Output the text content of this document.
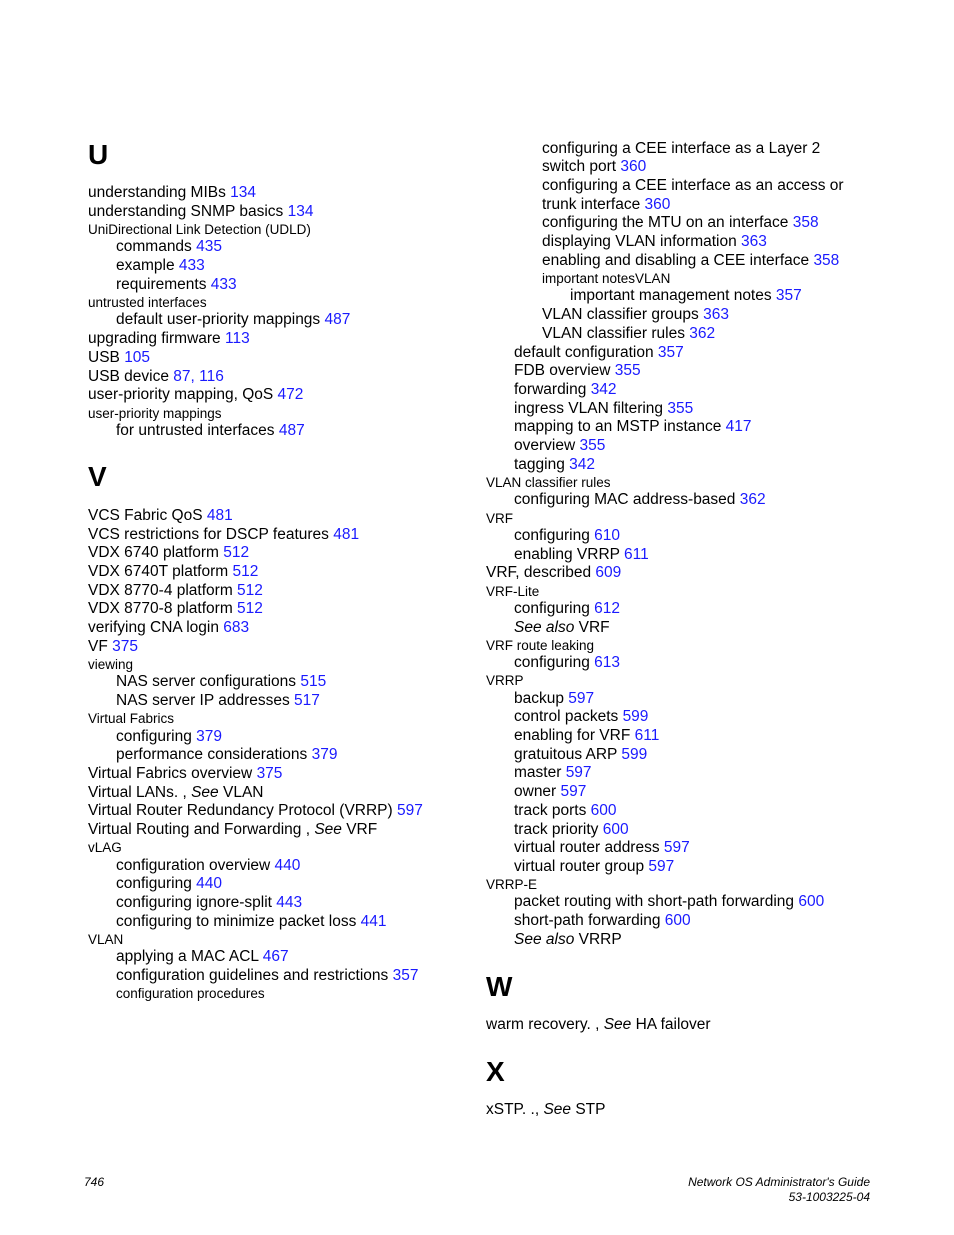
U
understanding MIBs 134
understanding SNMP basics 134
UniDirectional Link Detection (UDLD)
commands 435
example 433
requirements 433
untrusted interfaces
default user-priority mappings 487
upgrading firmware 113
USB 105
USB device 87, 116
user-priority mapping, QoS 472
user-priority mappings
for untrusted interfaces 487
V
VCS Fabric QoS 481
VCS restrictions for DSCP features 481
VDX 6740 platform 512
VDX 6740T platform 512
VDX 8770-4 platform 512
VDX 8770-8 platform 512
verifying CNA login 683
VF 375
viewing
NAS server configurations 515
NAS server IP addresses 517
Virtual Fabrics
configuring 379
performance considerations 379
Virtual Fabrics overview 375
Virtual LANs. , See VLAN
Virtual Router Redundancy Protocol (VRRP) 597
Virtual Routing and Forwarding , See VRF
vLAG
configuration overview 440
configuring 440
configuring ignore-split 443
configuring to minimize packet loss 441
VLAN
applying a MAC ACL 467
configuration guidelines and restrictions 357
configuration procedures
configuring a CEE interface as a Layer 2
switch port 360
configuring a CEE interface as an access or
trunk interface 360
configuring the MTU on an interface 358
displaying VLAN information 363
enabling and disabling a CEE interface 358
important notesVLAN
important management notes 357
VLAN classifier groups 363
VLAN classifier rules 362
default configuration 357
FDB overview 355
forwarding 342
ingress VLAN filtering 355
mapping to an MSTP instance 417
overview 355
tagging 342
VLAN classifier rules
configuring MAC address-based 362
VRF
configuring 610
enabling VRRP 611
VRF, described 609
VRF-Lite
configuring 612
See also VRF
VRF route leaking
configuring 613
VRRP
backup 597
control packets 599
enabling for VRF 611
gratuitous ARP 599
master 597
owner 597
track ports 600
track priority 600
virtual router address 597
virtual router group 597
VRRP-E
packet routing with short-path forwarding 600
short-path forwarding 600
See also VRRP
W
warm recovery. , See HA failover
X
xSTP. ., See STP
746	Network OS Administrator's Guide
53-1003225-04
